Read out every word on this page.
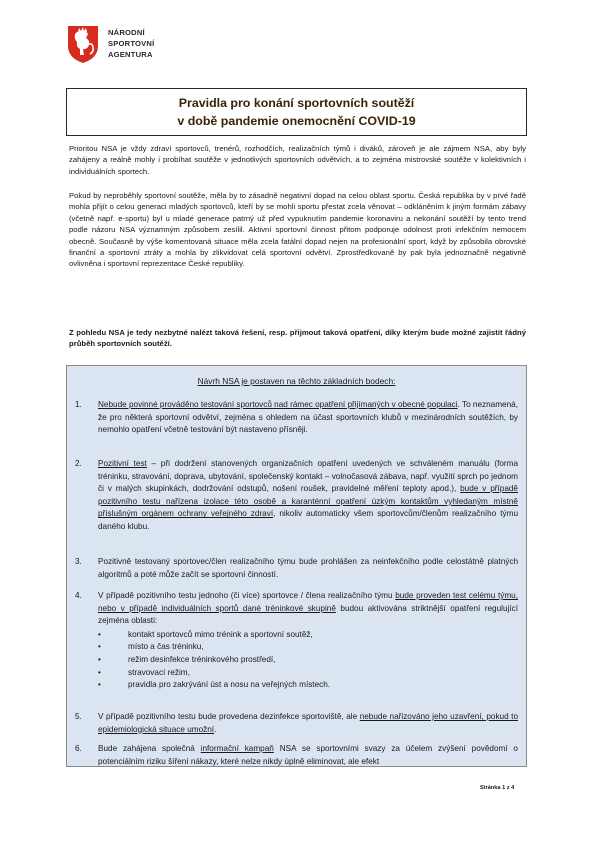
NÁRODNÍ
SPORTOVNÍ
AGENTURA
Pravidla pro konání sportovních soutěží
v době pandemie onemocnění COVID-19

Prioritou NSA je vždy zdraví sportovců, trenérů, rozhodčích, realizačních týmů i diváků, zároveň je ale zájmem NSA, aby byly zahájeny a reálně mohly i probíhat soutěže v jednotlivých sportovních odvětvích, a to zejména mistrovské soutěže v kolektivních i individuálních sportech.

Pokud by neproběhly sportovní soutěže, měla by to zásadně negativní dopad na celou oblast sportu. Česká republika by v prvé řadě mohla přijít o celou generaci mladých sportovců, kteří by se mohli sportu přestat zcela věnovat – odkláněním k jiným formám zábavy (včetně např. e-sportu) byl u mladé generace patrný už před vypuknutím pandemie koronaviru a nekonání soutěží by tento trend podle názoru NSA významným způsobem zesílil. Aktivní sportovní činnost přitom podporuje odolnost proti infekčním nemocem obecně. Současně by výše komentovaná situace měla zcela fatální dopad nejen na profesionální sport, když by způsobila obrovské finanční a sportovní ztráty a mohla by zlikvidovat celá sportovní odvětví. Zprostředkovaně by pak byla jednoznačně negativně ovlivněna i sportovní reprezentace České republiky.

Z pohledu NSA je tedy nezbytné nalézt taková řešení, resp. přijmout taková opatření, díky kterým bude možné zajistit řádný průběh sportovních soutěží.

Návrh NSA je postaven na těchto základních bodech:
1. Nebude povinné prováděno testování sportovců nad rámec opatření přijímaných v obecné populaci. To neznamená, že pro některá sportovní odvětví, zejména s ohledem na účast sportovních klubů v mezinárodních soutěžích, by nemohlo opatření včetně testování být nastaveno přísněji.
2. Pozitivní test – při dodržení stanovených organizačních opatření uvedených ve schváleném manuálu (forma tréninku, stravování, doprava, ubytování, společenský kontakt – volnočasová zábava, např. využití sprch po jednom či v malých skupinkách, dodržování odstupů, nošení roušek, pravidelné měření teploty apod.), bude v případě pozitivního testu nařízena izolace této osobě a karanténní opatření úzkým kontaktům vyhledaným místně příslušným orgánem ochrany veřejného zdraví, nikoliv automaticky všem sportovcům/členům realizačního týmu daného klubu.
3. Pozitivně testovaný sportovec/člen realizačního týmu bude prohlášen za neinfekčního podle celostátně platných algoritmů a poté může začít se sportovní činností.
4. V případě pozitivního testu jednoho (či více) sportovce / člena realizačního týmu bude proveden test celému týmu, nebo v případě individuálních sportů dané tréninkové skupině budou aktivována striktnější opatření regulující zejména oblasti:
•	kontakt sportovců mimo trénink a sportovní soutěž,
•	místo a čas tréninku,
•	režim desinfekce tréninkového prostředí,
•	stravovací režim,
•	pravidla pro zakrývání úst a nosu na veřejných místech.
5. V případě pozitivního testu bude provedena dezinfekce sportoviště, ale nebude nařizováno jeho uzavření, pokud to epidemiologická situace umožní.
6. Bude zahájena společná informační kampaň NSA se sportovními svazy za účelem zvýšení povědomí o potenciálním riziku šíření nákazy, které nelze nikdy úplně eliminovat, ale efekt
Stránka 1 z 4
